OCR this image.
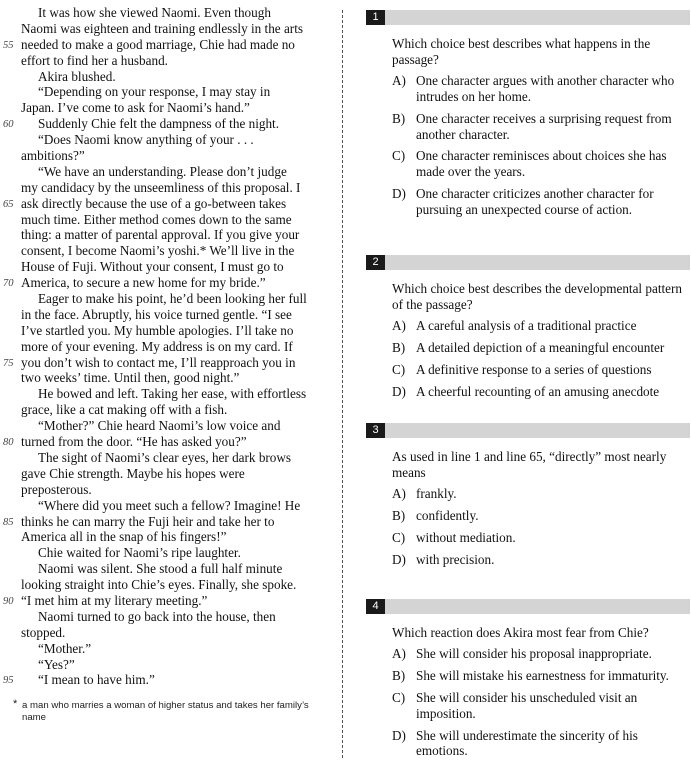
It was how she viewed Naomi. Even though
Naomi was eighteen and training endlessly in the arts
55 needed to make a good marriage, Chie had made no
effort to find her a husband.
Akira blushed.
“Depending on your response, I may stay in
Japan. I’ve come to ask for Naomi’s hand.”
60	Suddenly Chie felt the dampness of the night.
“Does Naomi know anything of your . . .
ambitions?”
“We have an understanding. Please don’t judge
my candidacy by the unseemliness of this proposal. I
65 ask directly because the use of a go-between takes
much time. Either method comes down to the same
thing: a matter of parental approval. If you give your
consent, I become Naomi’s yoshi.* We’ll live in the
House of Fuji. Without your consent, I must go to
70 America, to secure a new home for my bride.”
Eager to make his point, he’d been looking her full
in the face. Abruptly, his voice turned gentle. “I see
I’ve startled you. My humble apologies. I’ll take no
more of your evening. My address is on my card. If
75 you don’t wish to contact me, I’ll reapproach you in
two weeks’ time. Until then, good night.”
He bowed and left. Taking her ease, with effortless
grace, like a cat making off with a fish.
“Mother?” Chie heard Naomi’s low voice and
80 turned from the door. “He has asked you?”
The sight of Naomi’s clear eyes, her dark brows
gave Chie strength. Maybe his hopes were
preposterous.
“Where did you meet such a fellow? Imagine! He
85 thinks he can marry the Fuji heir and take her to
America all in the snap of his fingers!”
Chie waited for Naomi’s ripe laughter.
Naomi was silent. She stood a full half minute
looking straight into Chie’s eyes. Finally, she spoke.
90 “I met him at my literary meeting.”
Naomi turned to go back into the house, then
stopped.
“Mother.”
“Yes?”
95	“I mean to have him.”
* a man who marries a woman of higher status and takes her family’s name
1
Which choice best describes what happens in the passage?
A) One character argues with another character who intrudes on her home.
B) One character receives a surprising request from another character.
C) One character reminisces about choices she has made over the years.
D) One character criticizes another character for pursuing an unexpected course of action.
2
Which choice best describes the developmental pattern of the passage?
A) A careful analysis of a traditional practice
B) A detailed depiction of a meaningful encounter
C) A definitive response to a series of questions
D) A cheerful recounting of an amusing anecdote
3
As used in line 1 and line 65, “directly” most nearly means
A) frankly.
B) confidently.
C) without mediation.
D) with precision.
4
Which reaction does Akira most fear from Chie?
A) She will consider his proposal inappropriate.
B) She will mistake his earnestness for immaturity.
C) She will consider his unscheduled visit an imposition.
D) She will underestimate the sincerity of his emotions.
